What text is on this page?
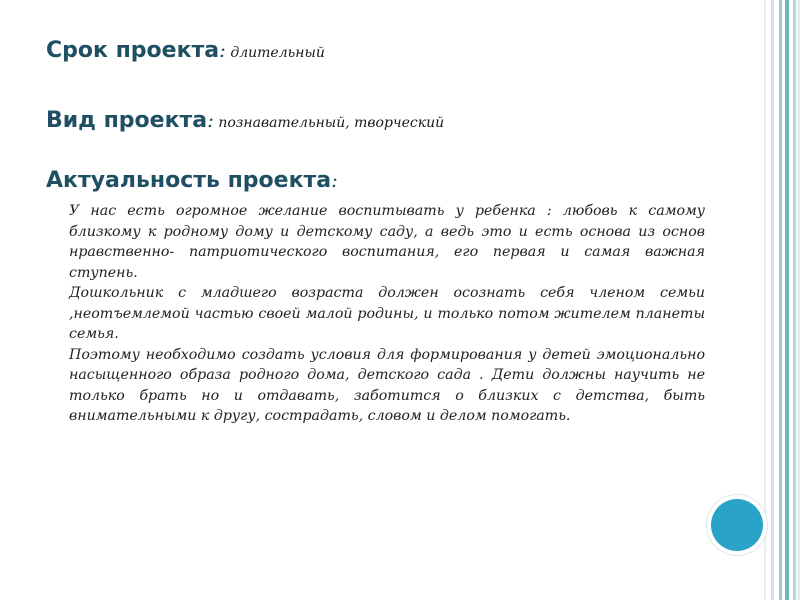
Срок проекта: длительный
Вид проекта: познавательный, творческий
Актуальность проекта:

У нас есть огромное желание воспитывать у ребенка : любовь к самому близкому к родному дому и детскому саду, а ведь это и есть основа из основ нравственно- патриотического воспитания, его первая и самая важная ступень.

Дошкольник с младшего возраста должен осознать себя членом семьи ,неотъемлемой частью своей малой родины, и только потом жителем планеты семья.

Поэтому необходимо создать условия для формирования у детей эмоционально насыщенного образа родного дома, детского сада . Дети должны научить не только брать но и отдавать, заботится о близких с детства, быть внимательными к другу, сострадать, словом и делом помогать.
